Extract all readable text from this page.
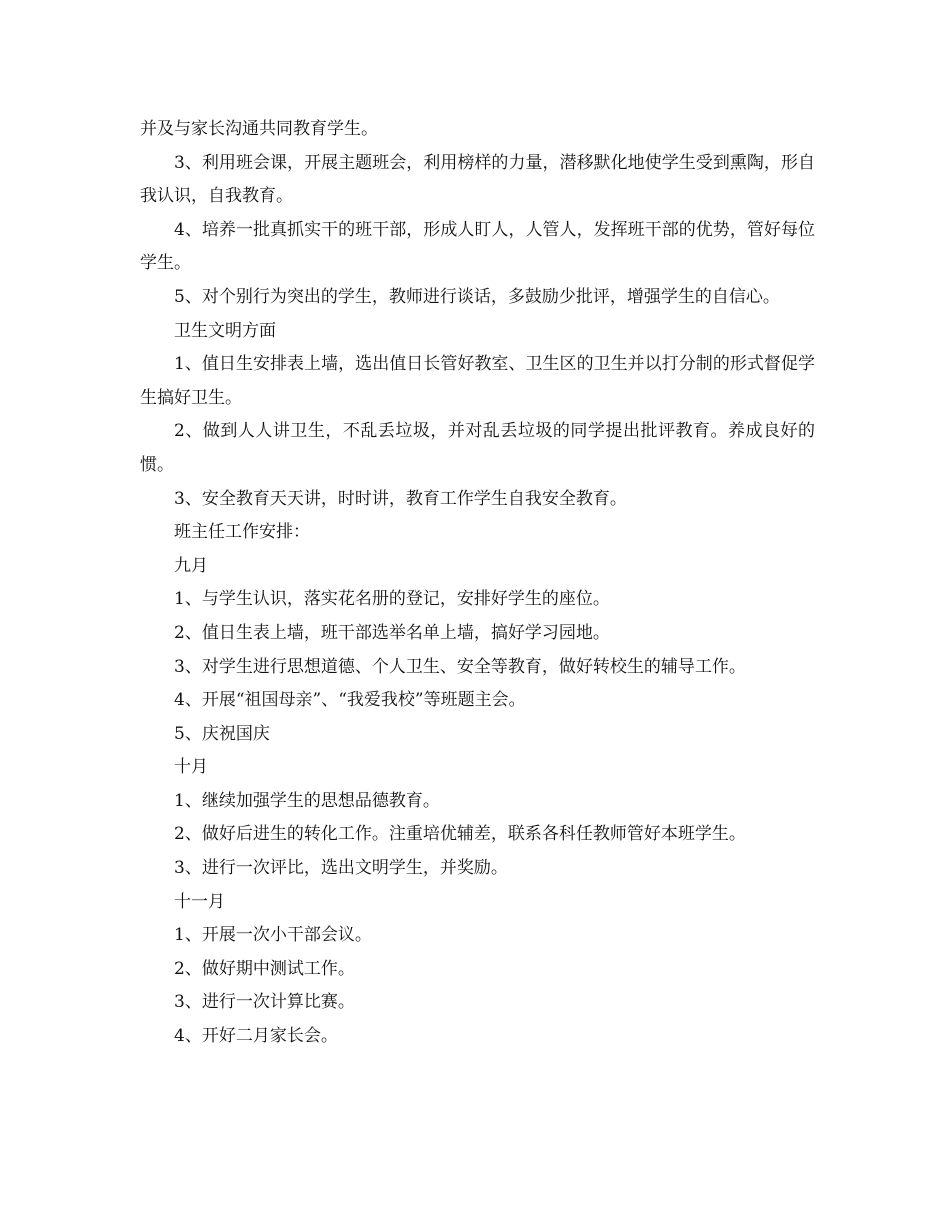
并及与家长沟通共同教育学生。

3、利用班会课，开展主题班会，利用榜样的力量，潜移默化地使学生受到熏陶，形自我认识，自我教育。

4、培养一批真抓实干的班干部，形成人盯人，人管人，发挥班干部的优势，管好每位学生。

5、对个别行为突出的学生，教师进行谈话，多鼓励少批评，增强学生的自信心。

卫生文明方面

1、值日生安排表上墙，选出值日长管好教室、卫生区的卫生并以打分制的形式督促学生搞好卫生。

2、做到人人讲卫生，不乱丢垃圾，并对乱丢垃圾的同学提出批评教育。养成良好的惯。

3、安全教育天天讲，时时讲，教育工作学生自我安全教育。

班主任工作安排：

九月

1、与学生认识，落实花名册的登记，安排好学生的座位。

2、值日生表上墙，班干部选举名单上墙，搞好学习园地。

3、对学生进行思想道德、个人卫生、安全等教育，做好转校生的辅导工作。

4、开展“祖国母亲”、“我爱我校”等班题主会。

5、庆祝国庆

十月

1、继续加强学生的思想品德教育。

2、做好后进生的转化工作。注重培优辅差，联系各科任教师管好本班学生。

3、进行一次评比，选出文明学生，并奖励。

十一月

1、开展一次小干部会议。

2、做好期中测试工作。

3、进行一次计算比赛。

4、开好二月家长会。
